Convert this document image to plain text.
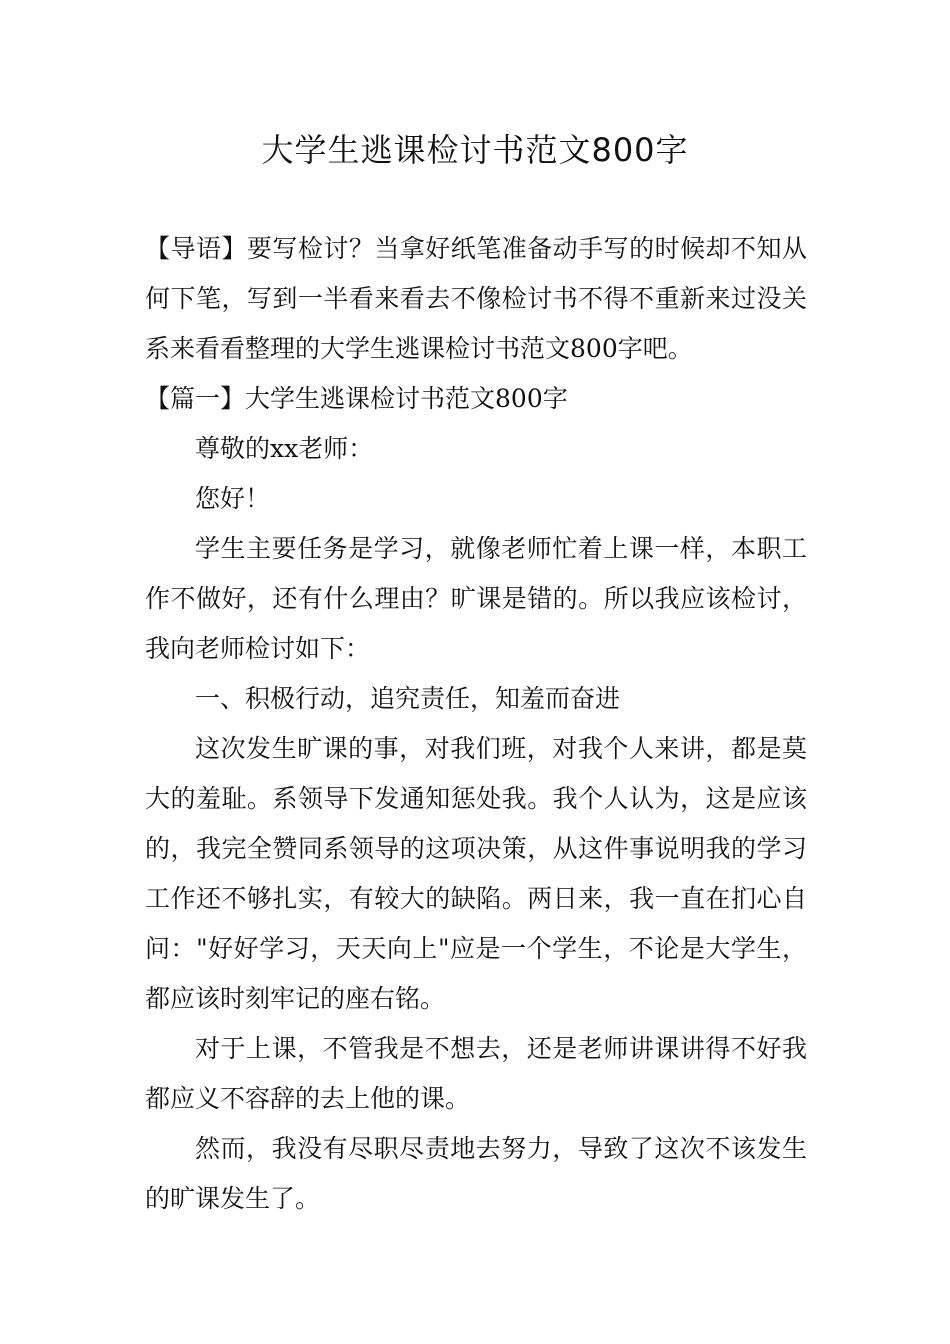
大学生逃课检讨书范文800字

【导语】要写检讨？当拿好纸笔准备动手写的时候却不知从何下笔，写到一半看来看去不像检讨书不得不重新来过没关系来看看整理的大学生逃课检讨书范文800字吧。

【篇一】大学生逃课检讨书范文800字

尊敬的xx老师：

您好！

学生主要任务是学习，就像老师忙着上课一样，本职工作不做好，还有什么理由？旷课是错的。所以我应该检讨，我向老师检讨如下：

一、积极行动，追究责任，知羞而奋进

这次发生旷课的事，对我们班，对我个人来讲，都是莫大的羞耻。系领导下发通知惩处我。我个人认为，这是应该的，我完全赞同系领导的这项决策，从这件事说明我的学习工作还不够扎实，有较大的缺陷。两日来，我一直在扪心自问："好好学习，天天向上"应是一个学生，不论是大学生，都应该时刻牢记的座右铭。

对于上课，不管我是不想去，还是老师讲课讲得不好我都应义不容辞的去上他的课。

然而，我没有尽职尽责地去努力，导致了这次不该发生的旷课发生了。
